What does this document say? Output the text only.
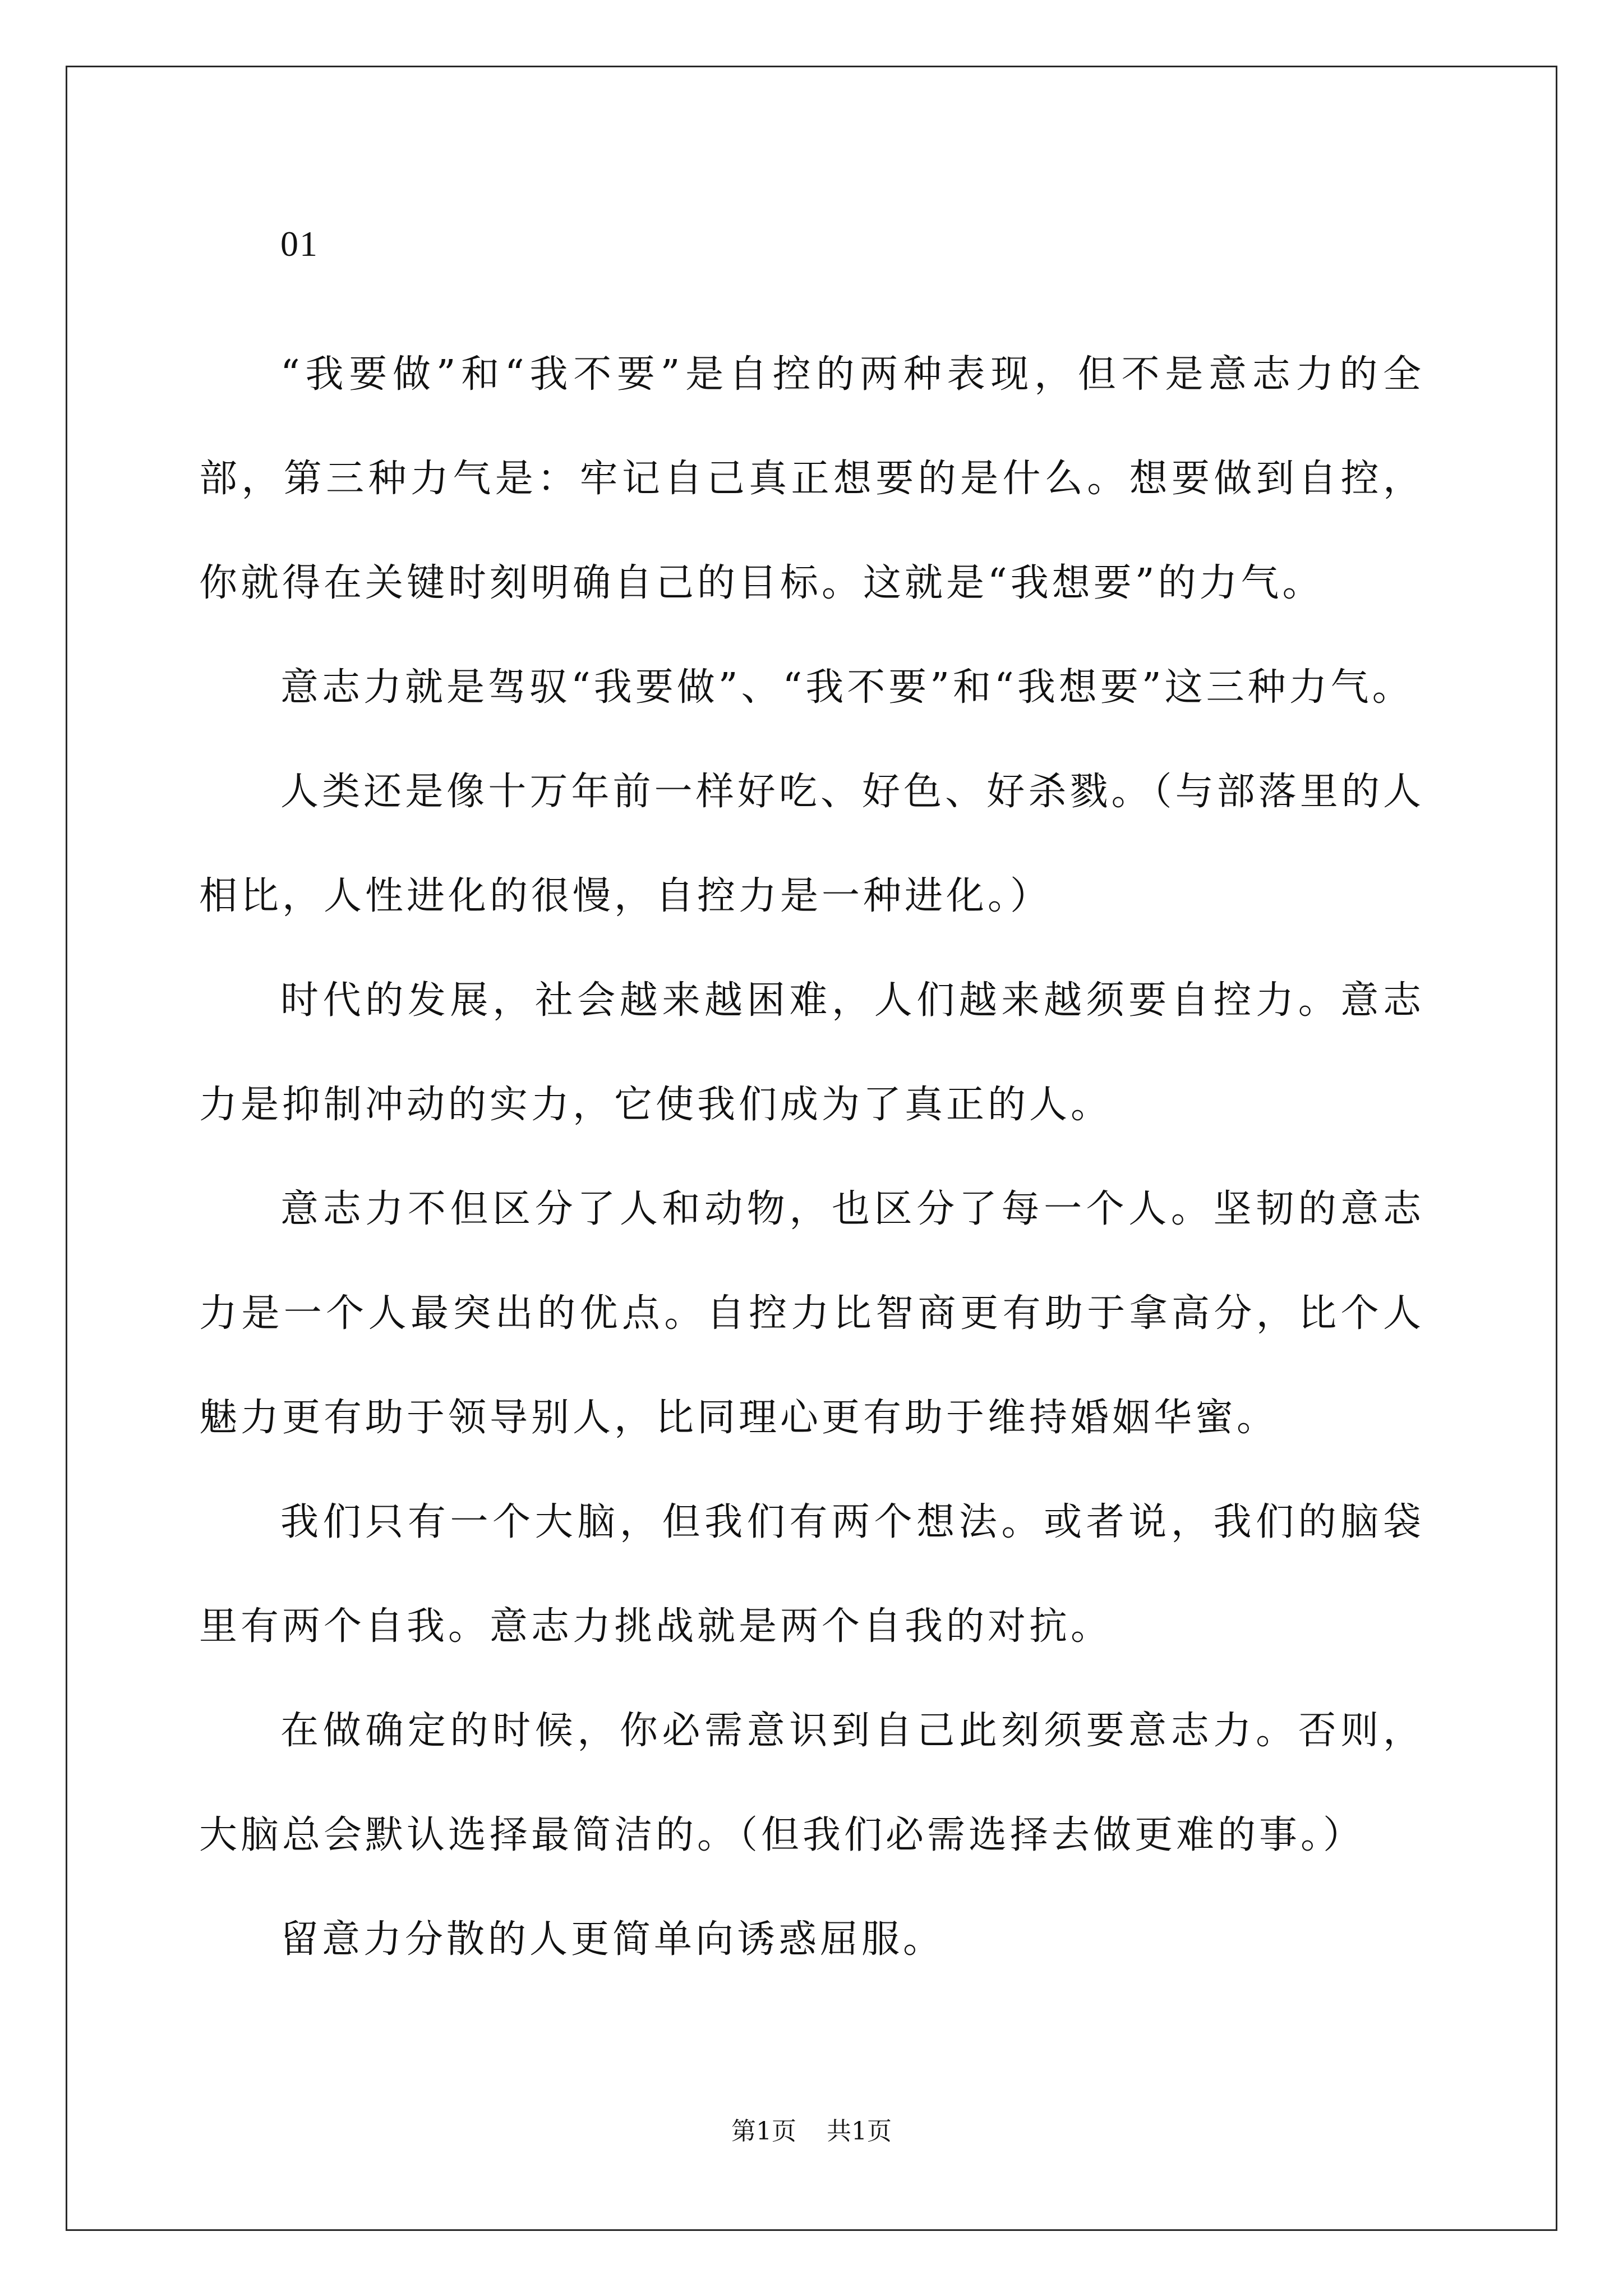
01

“我要做”和“我不要”是自控的两种表现，但不是意志力的全部，第三种力气是：牢记自己真正想要的是什么。想要做到自控，你就得在关键时刻明确自己的目标。这就是“我想要”的力气。

意志力就是驾驭“我要做”、“我不要”和“我想要”这三种力气。

人类还是像十万年前一样好吃、好色、好杀戮。（与部落里的人相比，人性进化的很慢，自控力是一种进化。）

时代的发展，社会越来越困难，人们越来越须要自控力。意志力是抑制冲动的实力，它使我们成为了真正的人。

意志力不但区分了人和动物，也区分了每一个人。坚韧的意志力是一个人最突出的优点。自控力比智商更有助于拿高分，比个人魅力更有助于领导别人，比同理心更有助于维持婚姻华蜜。

我们只有一个大脑，但我们有两个想法。或者说，我们的脑袋里有两个自我。意志力挑战就是两个自我的对抗。

在做确定的时候，你必需意识到自己此刻须要意志力。否则，大脑总会默认选择最简洁的。（但我们必需选择去做更难的事。）

留意力分散的人更简单向诱惑屈服。

第1页 共1页
